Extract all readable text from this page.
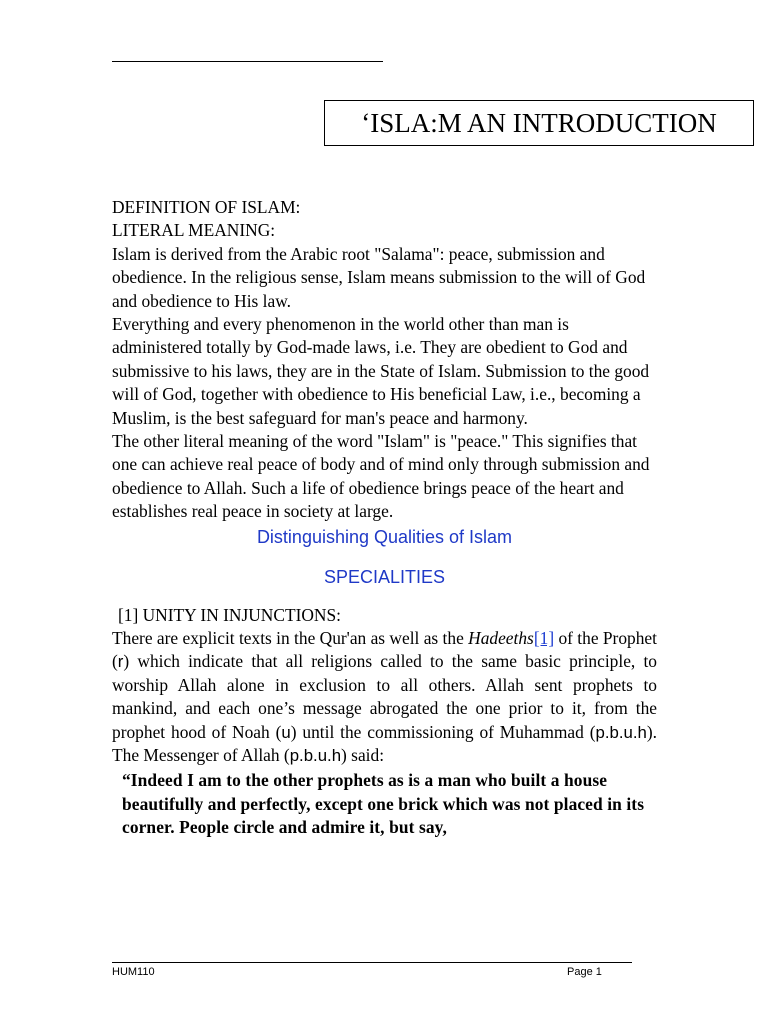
‘ISLA:M AN INTRODUCTION

DEFINITION OF ISLAM:

LITERAL MEANING:

Islam is derived from the Arabic root "Salama": peace, submission and obedience. In the religious sense, Islam means submission to the will of God and obedience to His law.

Everything and every phenomenon in the world other than man is administered totally by God-made laws, i.e. They are obedient to God and submissive to his laws, they are in the State of Islam. Submission to the good will of God, together with obedience to His beneficial Law, i.e., becoming a Muslim, is the best safeguard for man's peace and harmony.

The other literal meaning of the word "Islam" is "peace." This signifies that one can achieve real peace of body and of mind only through submission and obedience to Allah. Such a life of obedience brings peace of the heart and establishes real peace in society at large.

Distinguishing Qualities of Islam

SPECIALITIES

[1] UNITY IN INJUNCTIONS:

There are explicit texts in the Qur'an as well as the Hadeeths[1] of the Prophet (r) which indicate that all religions called to the same basic principle, to worship Allah alone in exclusion to all others. Allah sent prophets to mankind, and each one’s message abrogated the one prior to it, from the prophet hood of Noah (u) until the commissioning of Muhammad (p.b.u.h). The Messenger of Allah (p.b.u.h) said:

“Indeed I am to the other prophets as is a man who built a house beautifully and perfectly, except one brick which was not placed in its corner. People circle and admire it, but say,

HUM110	Page 1
